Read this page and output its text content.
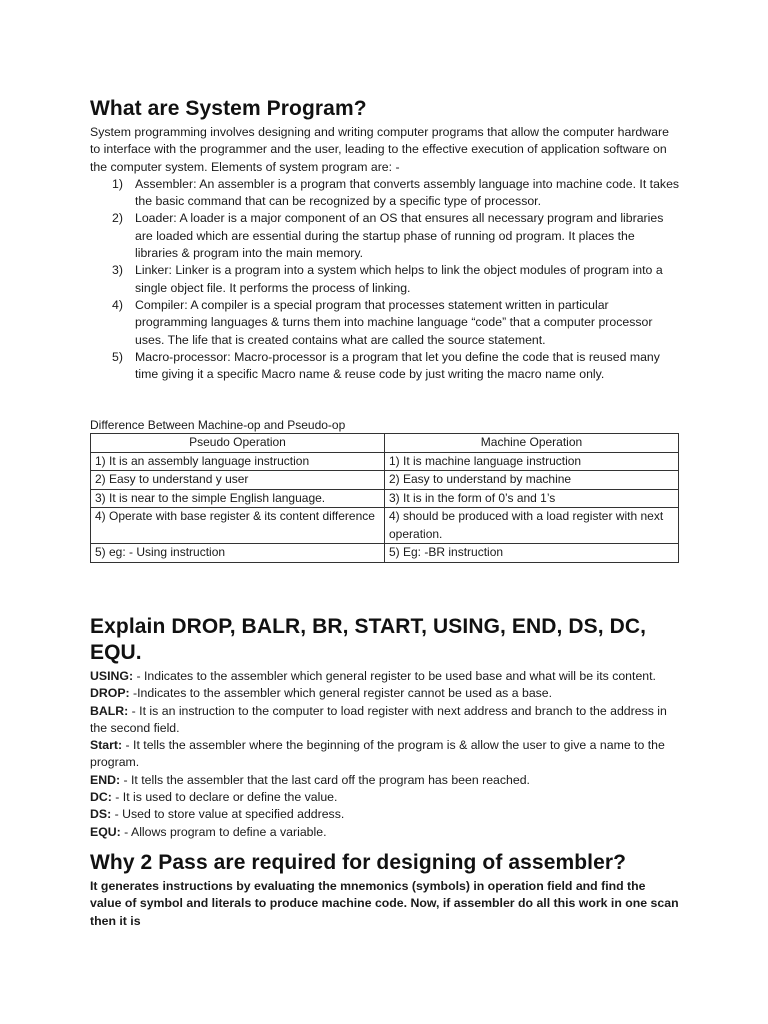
What are System Program?

System programming involves designing and writing computer programs that allow the computer hardware to interface with the programmer and the user, leading to the effective execution of application software on the computer system. Elements of system program are: -

1) Assembler: An assembler is a program that converts assembly language into machine code. It takes the basic command that can be recognized by a specific type of processor.
2) Loader: A loader is a major component of an OS that ensures all necessary program and libraries are loaded which are essential during the startup phase of running od program. It places the libraries & program into the main memory.
3) Linker: Linker is a program into a system which helps to link the object modules of program into a single object file. It performs the process of linking.
4) Compiler: A compiler is a special program that processes statement written in particular programming languages & turns them into machine language “code” that a computer processor uses. The life that is created contains what are called the source statement.
5) Macro-processor: Macro-processor is a program that let you define the code that is reused many time giving it a specific Macro name & reuse code by just writing the macro name only.
Difference Between Machine-op and Pseudo-op
Pseudo Operation	Machine Operation
1) It is an assembly language instruction	1) It is machine language instruction
2) Easy to understand y user	2) Easy to understand by machine
3) It is near to the simple English language.	3) It is in the form of 0’s and 1’s
4) Operate with base register & its content difference	4) should be produced with a load register with next operation.
5) eg: - Using instruction	5) Eg: -BR instruction
Explain DROP, BALR, BR, START, USING, END, DS, DC, EQU.

USING: - Indicates to the assembler which general register to be used base and what will be its content.

DROP: -Indicates to the assembler which general register cannot be used as a base.

BALR: - It is an instruction to the computer to load register with next address and branch to the address in the second field.

Start: - It tells the assembler where the beginning of the program is & allow the user to give a name to the program.

END: - It tells the assembler that the last card off the program has been reached.

DC: - It is used to declare or define the value.

DS: - Used to store value at specified address.

EQU: - Allows program to define a variable.

Why 2 Pass are required for designing of assembler?

It generates instructions by evaluating the mnemonics (symbols) in operation field and find the value of symbol and literals to produce machine code. Now, if assembler do all this work in one scan then it is
